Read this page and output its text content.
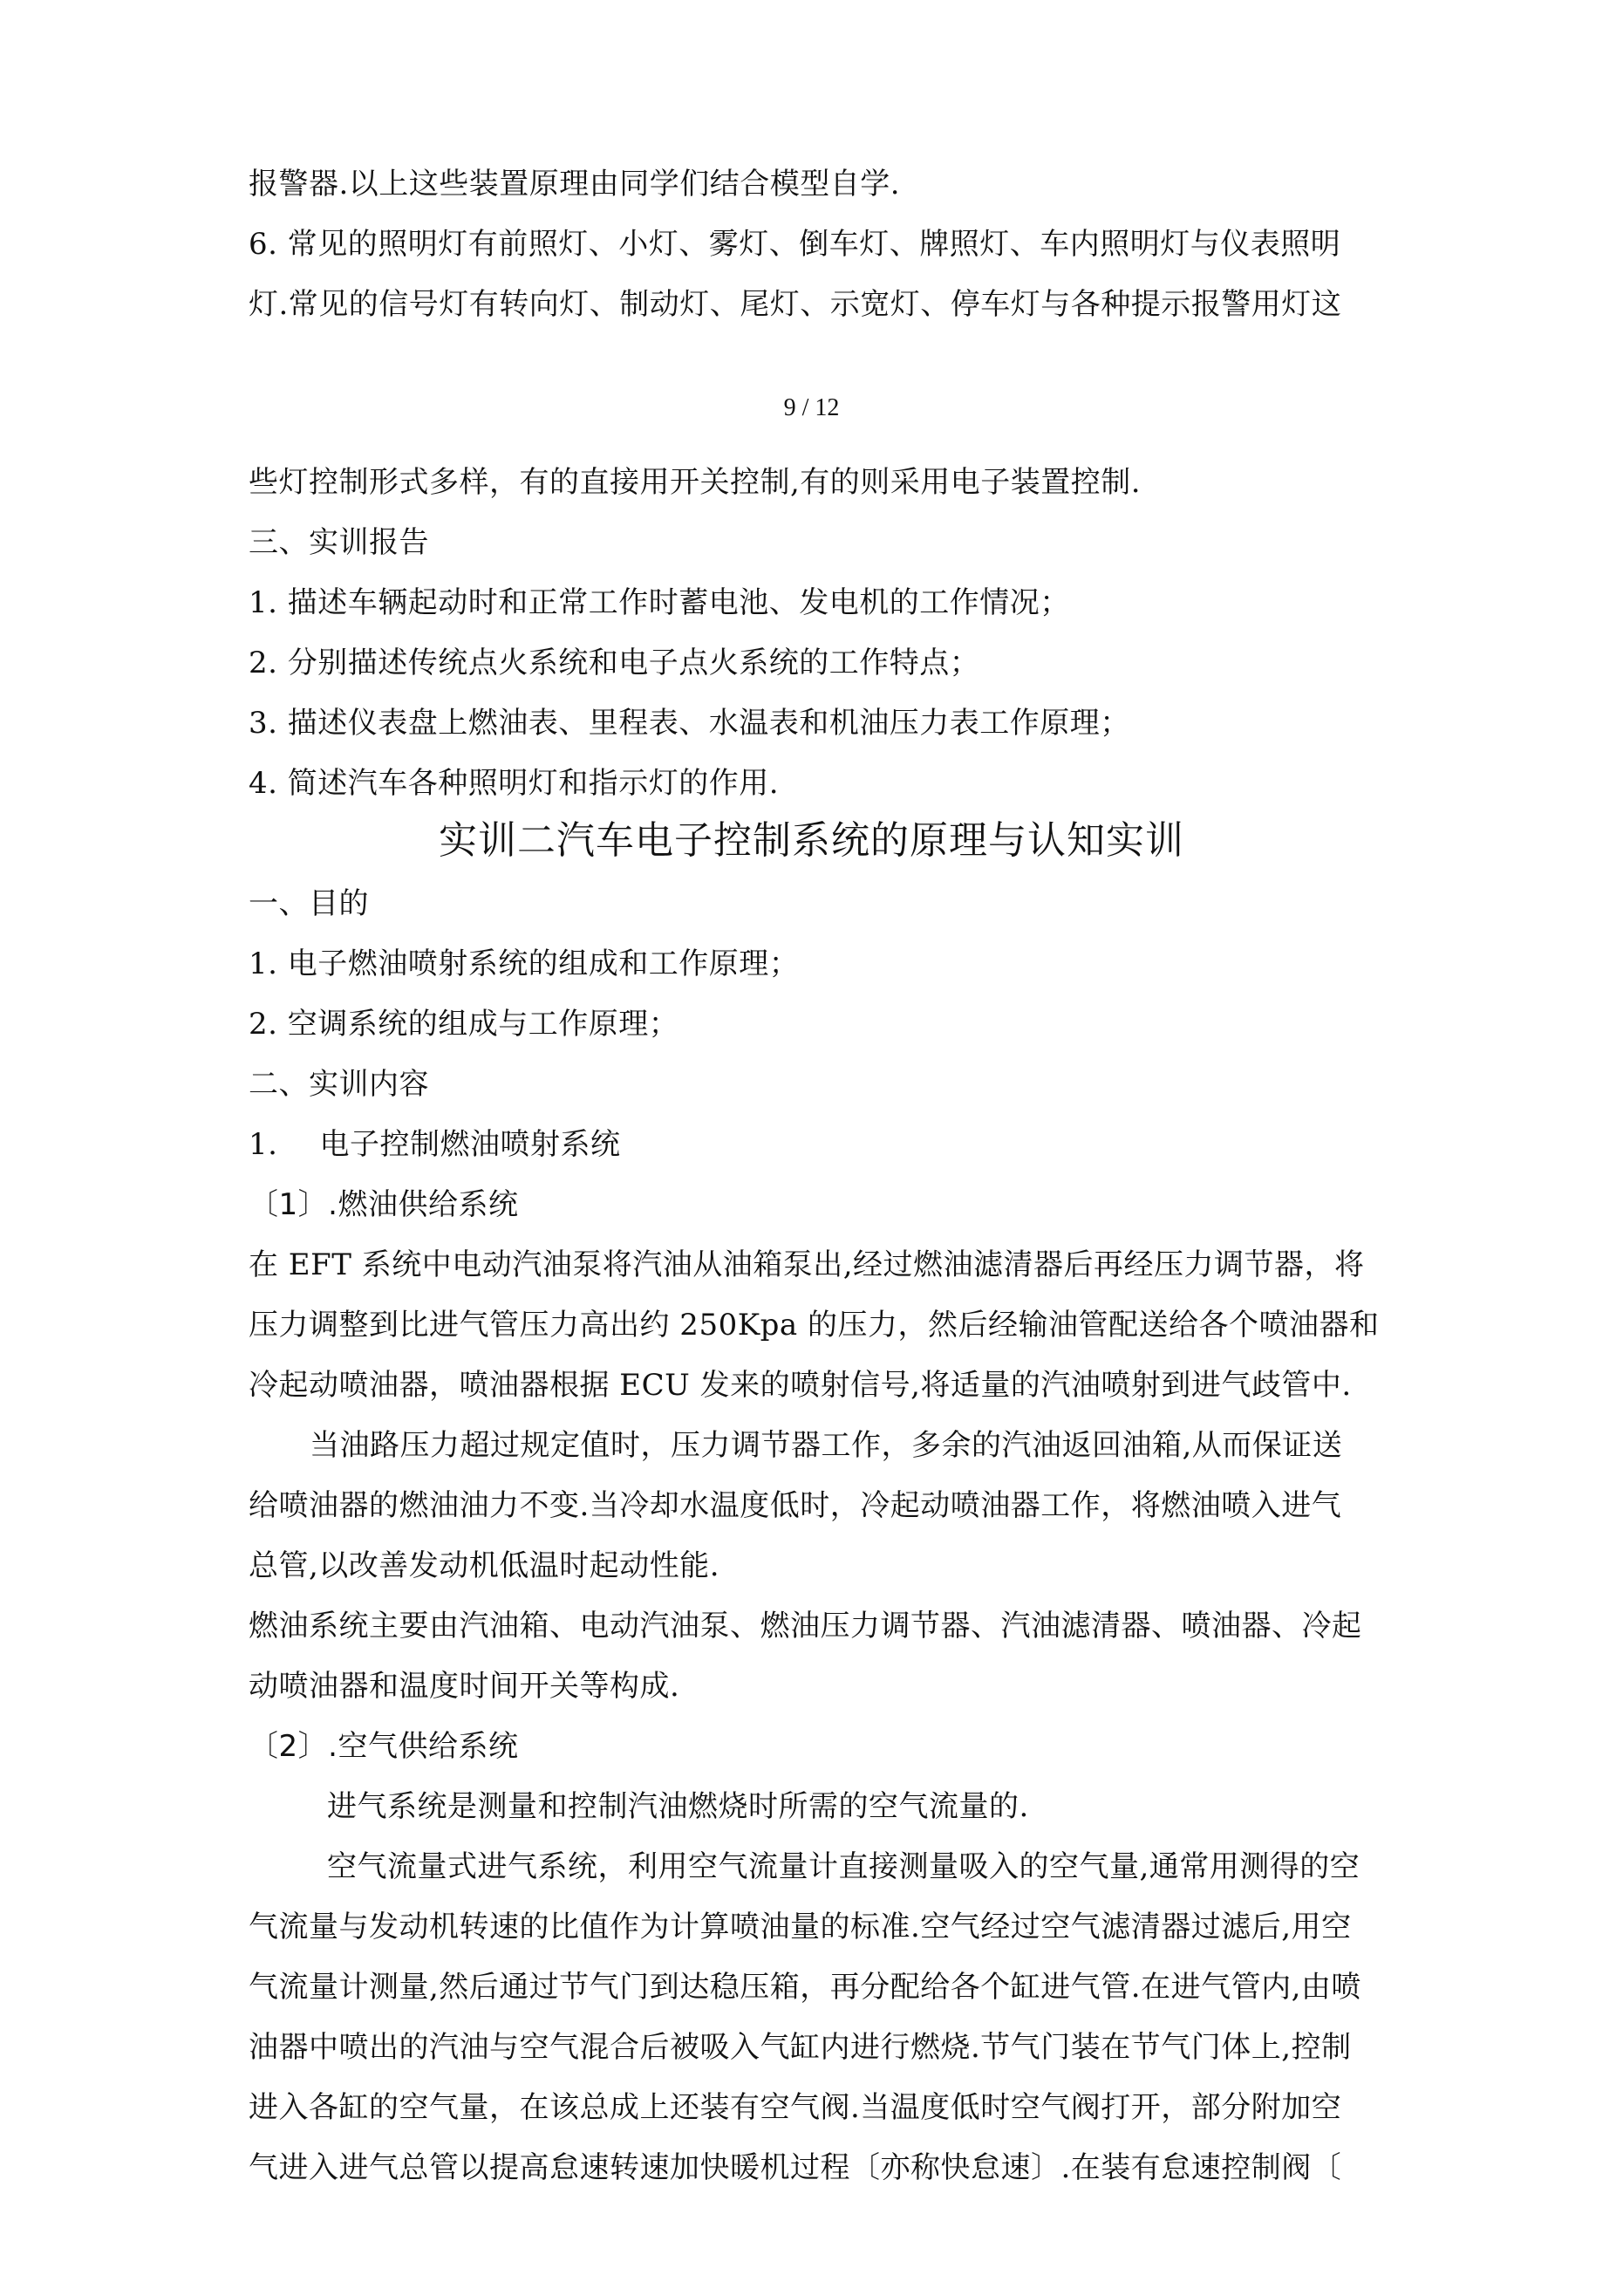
报警器.以上这些装置原理由同学们结合模型自学.
6. 常见的照明灯有前照灯、小灯、雾灯、倒车灯、牌照灯、车内照明灯与仪表照明
灯.常见的信号灯有转向灯、制动灯、尾灯、示宽灯、停车灯与各种提示报警用灯这
9 / 12
些灯控制形式多样，有的直接用开关控制,有的则采用电子装置控制.
三、实训报告
1. 描述车辆起动时和正常工作时蓄电池、发电机的工作情况；
2. 分别描述传统点火系统和电子点火系统的工作特点；
3. 描述仪表盘上燃油表、里程表、水温表和机油压力表工作原理；
4. 简述汽车各种照明灯和指示灯的作用.
实训二汽车电子控制系统的原理与认知实训
一、目的
1. 电子燃油喷射系统的组成和工作原理；
2. 空调系统的组成与工作原理；
二、实训内容
1. 电子控制燃油喷射系统
〔1〕.燃油供给系统
在 EFT 系统中电动汽油泵将汽油从油箱泵出,经过燃油滤清器后再经压力调节器，将
压力调整到比进气管压力高出约 250Kpa 的压力，然后经输油管配送给各个喷油器和
冷起动喷油器，喷油器根据 ECU 发来的喷射信号,将适量的汽油喷射到进气歧管中.
当油路压力超过规定值时，压力调节器工作，多余的汽油返回油箱,从而保证送
给喷油器的燃油油力不变.当冷却水温度低时，冷起动喷油器工作，将燃油喷入进气
总管,以改善发动机低温时起动性能.
燃油系统主要由汽油箱、电动汽油泵、燃油压力调节器、汽油滤清器、喷油器、冷起
动喷油器和温度时间开关等构成.
〔2〕.空气供给系统
进气系统是测量和控制汽油燃烧时所需的空气流量的.
空气流量式进气系统，利用空气流量计直接测量吸入的空气量,通常用测得的空
气流量与发动机转速的比值作为计算喷油量的标准.空气经过空气滤清器过滤后,用空
气流量计测量,然后通过节气门到达稳压箱，再分配给各个缸进气管.在进气管内,由喷
油器中喷出的汽油与空气混合后被吸入气缸内进行燃烧.节气门装在节气门体上,控制
进入各缸的空气量，在该总成上还装有空气阀.当温度低时空气阀打开，部分附加空
气进入进气总管以提高怠速转速加快暖机过程〔亦称快怠速〕.在装有怠速控制阀〔
